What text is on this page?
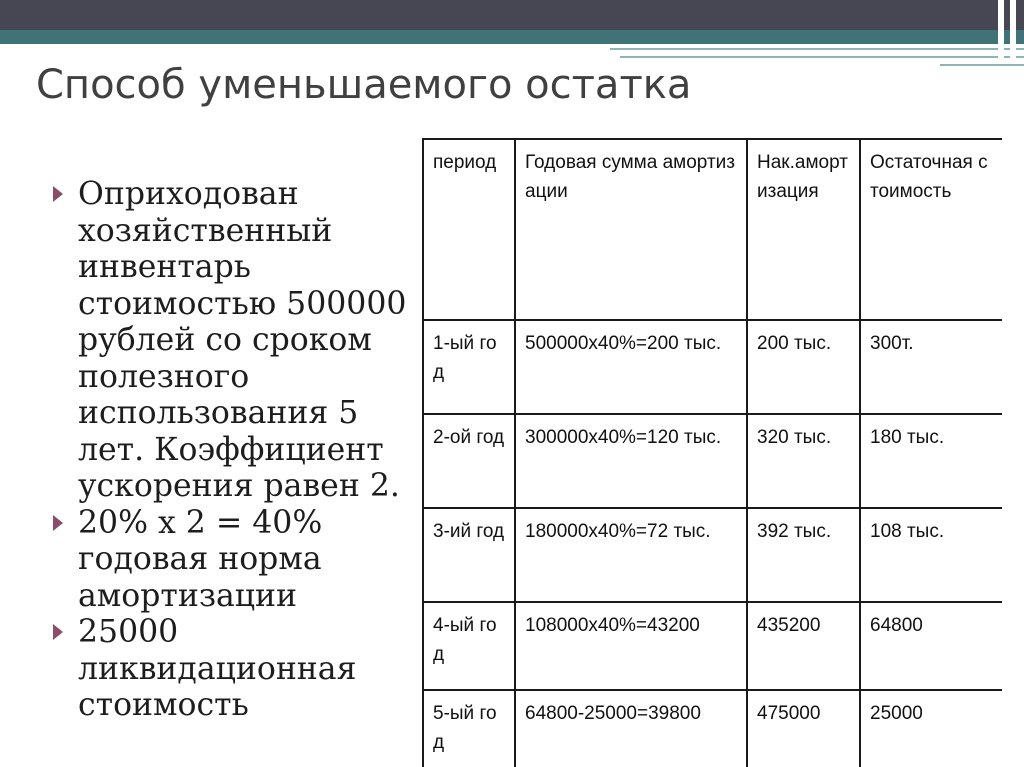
Способ уменьшаемого остатка
Оприходован хозяйственный инвентарь стоимостью 500000 рублей со сроком полезного использования 5 лет. Коэффициент ускорения равен 2.
20% х 2 = 40% годовая норма амортизации
25000 ликвидационная стоимость
период	Годовая сумма амортизации	Нак.амортизация	Остаточная стоимость
1-ый год	500000х40%=200 тыс.	200 тыс.	300т.
2-ой год	300000х40%=120 тыс.	320 тыс.	180 тыс.
3-ий год	180000х40%=72 тыс.	392 тыс.	108 тыс.
4-ый год	108000х40%=43200	435200	64800
5-ый год	64800-25000=39800	475000	25000
